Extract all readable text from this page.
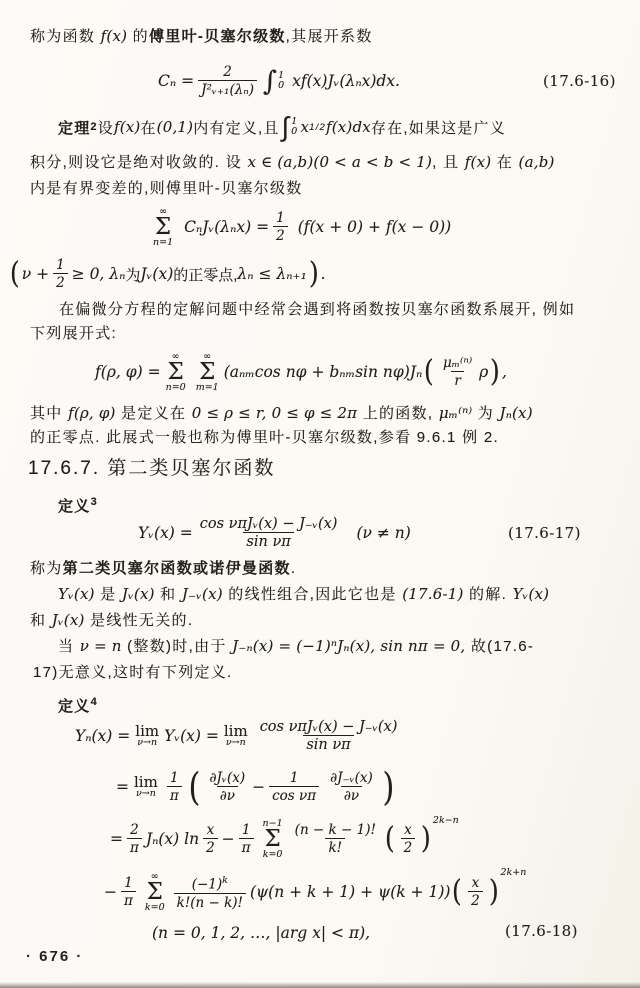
称为函数 f(x) 的傅里叶-贝塞尔级数,其展开系数
$C_n = \frac{2}{\text{J²ᵥ₊₁(λₙ)}}$ ∫ 1
0 xf(x)Jᵥ(λₙx)dx.	(17.6-16)
定理 2 设 f(x) 在 (0,1) 内有定义,且 ∫ 1
0 x 1/2 f(x)dx 存在,如果这是广义
积分,则设它是绝对收敛的. 设 x ∈ (a,b)(0 < a < b < 1), 且 f(x) 在 (a,b)
内是有界变差的,则傅里叶-贝塞尔级数
∞
Σ
n=1
CₙJᵥ(λₙx) = $\frac{1}{2} (f(x + 0) + f(x - 0))$
( $\nu + \frac{1}{2} \ge 0$, λₙ 为 Jᵥ(x) 的正零点, λₙ ≤ λₙ₊₁ ) .
在偏微分方程的定解问题中经常会遇到将函数按贝塞尔函数系展开, 例如
下列展开式:
f(ρ, φ) =
∞
Σ
n=0
∞
Σ
m=1
(aₙₘcos nφ + bₙₘsin nφ)Jₙ ( $\frac{\text{μₘ⁽ⁿ⁾}}{r}$ ρ ) ,
其中 f(ρ, φ) 是定义在 0 ≤ ρ ≤ r, 0 ≤ φ ≤ 2π 上的函数, μₘ⁽ⁿ⁾ 为 Jₙ(x)
的正零点. 此展式一般也称为傅里叶-贝塞尔级数,参看 9.6.1 例 2.
17.6.7. 第二类贝塞尔函数
定义$^3$
Yᵥ(x) = $\frac{\text{cos νπJᵥ(x) − J₋ᵥ(x)}}{\text{sin νπ}} (\nu \ne n)$	(17.6-17)
称为第二类贝塞尔函数或诺伊曼函数.
Yᵥ(x) 是 Jᵥ(x) 和 J₋ᵥ(x) 的线性组合,因此它也是 (17.6-1) 的解. Yᵥ(x)
和 Jᵥ(x) 是线性无关的.
当 ν = n (整数)时,由于 J₋ₙ(x) = (−1)ⁿJₙ(x), sin nπ = 0, 故(17.6-
17)无意义,这时有下列定义.
定义$^4$
Yₙ(x) = lim
ν→n Yᵥ(x) = lim
$\nu\to n \frac{\text{cos νπJᵥ(x) − J₋ᵥ(x)}}{\text{sin νπ}}$
= lim
$\nu\to n \frac{1}{\pi}$ ( $\frac{\text{∂Jᵥ(x)}}{\partial\nu} - \frac{1}{\text{cos νπ}} \frac{\text{∂J₋ᵥ(x)}}{\partial\nu}$ )
= $\frac{2}{\pi} J_n(x)$ $\ln \frac{x}{2} - \frac{1}{\pi} n-1$
Σ
$k=0 \frac{(n - k - 1)!}{k!}$ ( $\frac{x}{2}$ )
2k−n
− $\frac{1}{\pi}$ ∞
Σ
$k=0 \frac{(-1)^k}{k!(n - k)!} (\psi(n + k + 1) + \psi(k + 1))$ ( $\frac{x}{2}$ )
2k+n
(n = 0, 1, 2, …, |arg x| < π),	(17.6-18)
· 676 ·
